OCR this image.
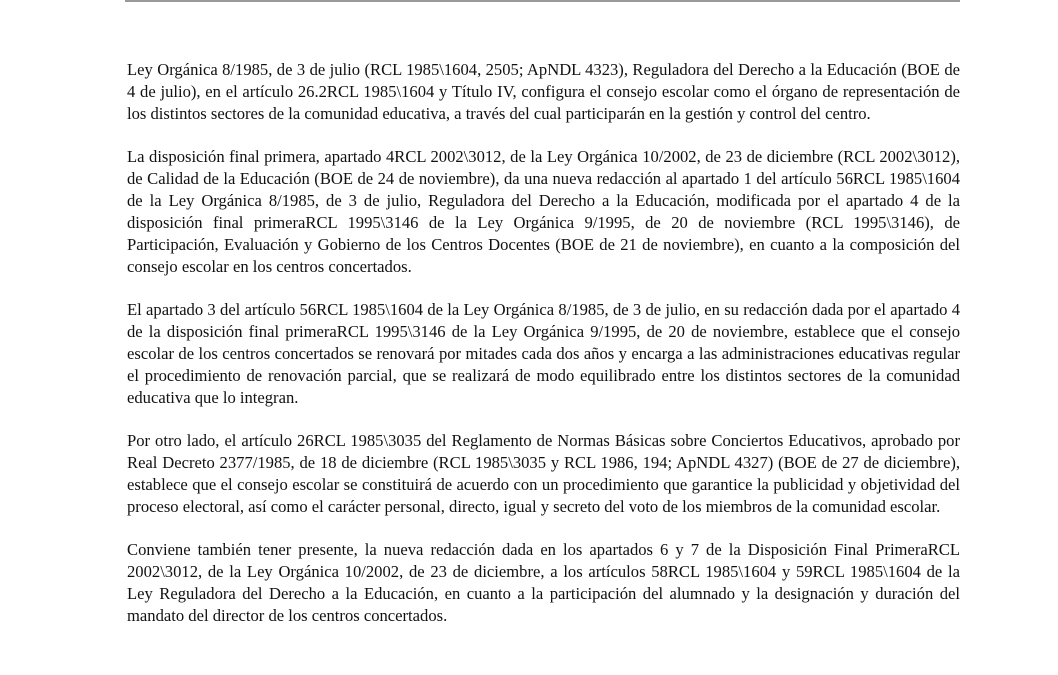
Ley Orgánica 8/1985, de 3 de julio (RCL 1985\1604, 2505; ApNDL 4323), Reguladora del Derecho a la Educación (BOE de 4 de julio), en el artículo 26.2RCL 1985\1604 y Título IV, configura el consejo escolar como el órgano de representación de los distintos sectores de la comunidad educativa, a través del cual participarán en la gestión y control del centro.

La disposición final primera, apartado 4RCL 2002\3012, de la Ley Orgánica 10/2002, de 23 de diciembre (RCL 2002\3012), de Calidad de la Educación (BOE de 24 de noviembre), da una nueva redacción al apartado 1 del artículo 56RCL 1985\1604 de la Ley Orgánica 8/1985, de 3 de julio, Reguladora del Derecho a la Educación, modificada por el apartado 4 de la disposición final primeraRCL 1995\3146 de la Ley Orgánica 9/1995, de 20 de noviembre (RCL 1995\3146), de Participación, Evaluación y Gobierno de los Centros Docentes (BOE de 21 de noviembre), en cuanto a la composición del consejo escolar en los centros concertados.

El apartado 3 del artículo 56RCL 1985\1604 de la Ley Orgánica 8/1985, de 3 de julio, en su redacción dada por el apartado 4 de la disposición final primeraRCL 1995\3146 de la Ley Orgánica 9/1995, de 20 de noviembre, establece que el consejo escolar de los centros concertados se renovará por mitades cada dos años y encarga a las administraciones educativas regular el procedimiento de renovación parcial, que se realizará de modo equilibrado entre los distintos sectores de la comunidad educativa que lo integran.

Por otro lado, el artículo 26RCL 1985\3035 del Reglamento de Normas Básicas sobre Conciertos Educativos, aprobado por Real Decreto 2377/1985, de 18 de diciembre (RCL 1985\3035 y RCL 1986, 194; ApNDL 4327) (BOE de 27 de diciembre), establece que el consejo escolar se constituirá de acuerdo con un procedimiento que garantice la publicidad y objetividad del proceso electoral, así como el carácter personal, directo, igual y secreto del voto de los miembros de la comunidad escolar.

Conviene también tener presente, la nueva redacción dada en los apartados 6 y 7 de la Disposición Final PrimeraRCL 2002\3012, de la Ley Orgánica 10/2002, de 23 de diciembre, a los artículos 58RCL 1985\1604 y 59RCL 1985\1604 de la Ley Reguladora del Derecho a la Educación, en cuanto a la participación del alumnado y la designación y duración del mandato del director de los centros concertados.
